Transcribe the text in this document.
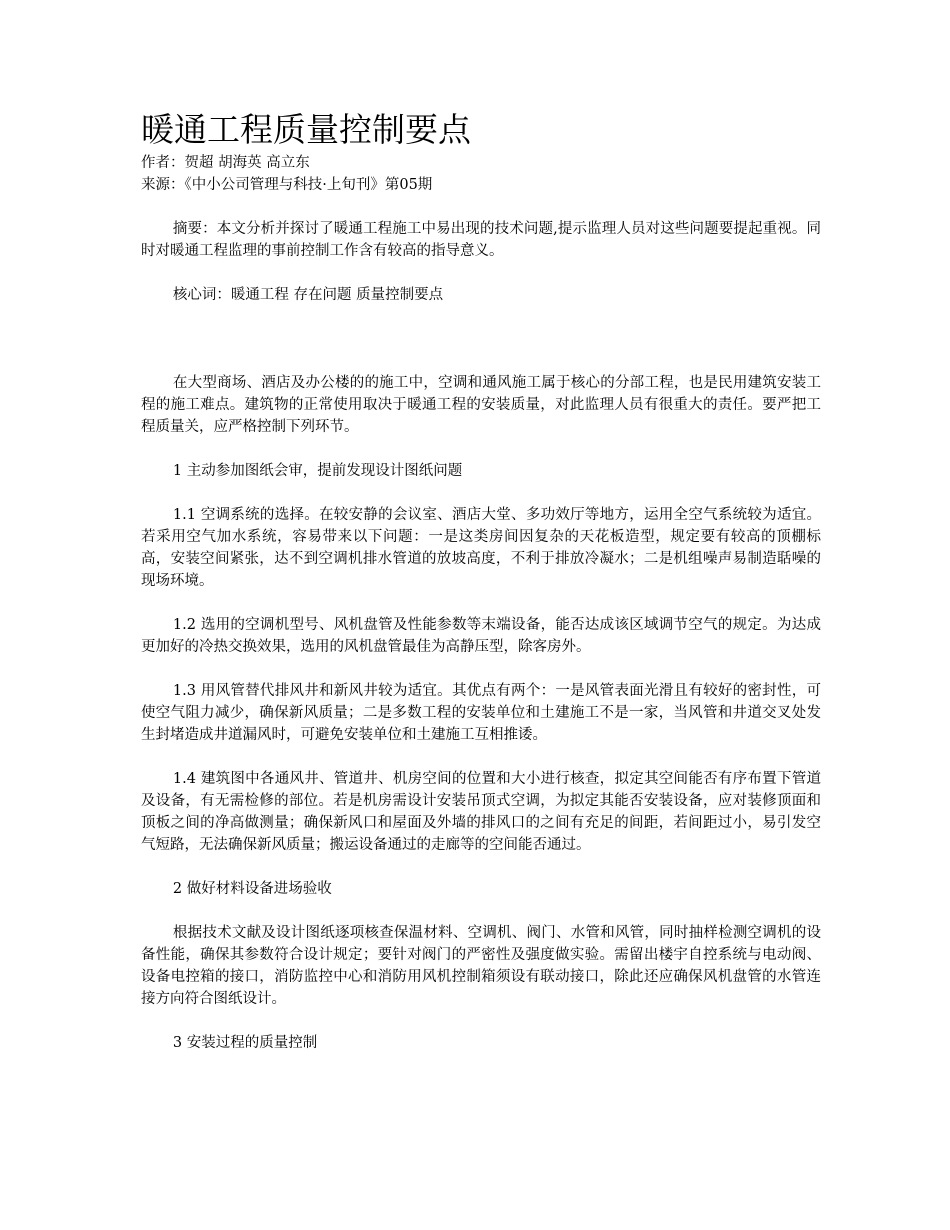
暖通工程质量控制要点

作者：贺超 胡海英 高立东

来源：《中小公司管理与科技·上旬刊》第05期

摘要：本文分析并探讨了暖通工程施工中易出现的技术问题,提示监理人员对这些问题要提起重视。同时对暖通工程监理的事前控制工作含有较高的指导意义。

核心词：暖通工程 存在问题 质量控制要点

在大型商场、酒店及办公楼的的施工中，空调和通风施工属于核心的分部工程，也是民用建筑安装工程的施工难点。建筑物的正常使用取决于暖通工程的安装质量，对此监理人员有很重大的责任。要严把工程质量关，应严格控制下列环节。

1 主动参加图纸会审，提前发现设计图纸问题

1.1 空调系统的选择。在较安静的会议室、酒店大堂、多功效厅等地方，运用全空气系统较为适宜。若采用空气加水系统，容易带来以下问题：一是这类房间因复杂的天花板造型，规定要有较高的顶棚标高，安装空间紧张，达不到空调机排水管道的放坡高度，不利于排放冷凝水；二是机组噪声易制造聒噪的现场环境。

1.2 选用的空调机型号、风机盘管及性能参数等末端设备，能否达成该区域调节空气的规定。为达成更加好的冷热交换效果，选用的风机盘管最佳为高静压型，除客房外。

1.3 用风管替代排风井和新风井较为适宜。其优点有两个：一是风管表面光滑且有较好的密封性，可使空气阻力减少，确保新风质量；二是多数工程的安装单位和土建施工不是一家，当风管和井道交叉处发生封堵造成井道漏风时，可避免安装单位和土建施工互相推诿。

1.4 建筑图中各通风井、管道井、机房空间的位置和大小进行核查，拟定其空间能否有序布置下管道及设备，有无需检修的部位。若是机房需设计安装吊顶式空调，为拟定其能否安装设备，应对装修顶面和顶板之间的净高做测量；确保新风口和屋面及外墙的排风口的之间有充足的间距，若间距过小，易引发空气短路，无法确保新风质量；搬运设备通过的走廊等的空间能否通过。

2 做好材料设备进场验收

根据技术文献及设计图纸逐项核查保温材料、空调机、阀门、水管和风管，同时抽样检测空调机的设备性能，确保其参数符合设计规定；要针对阀门的严密性及强度做实验。需留出楼宇自控系统与电动阀、设备电控箱的接口，消防监控中心和消防用风机控制箱须设有联动接口，除此还应确保风机盘管的水管连接方向符合图纸设计。

3 安装过程的质量控制
